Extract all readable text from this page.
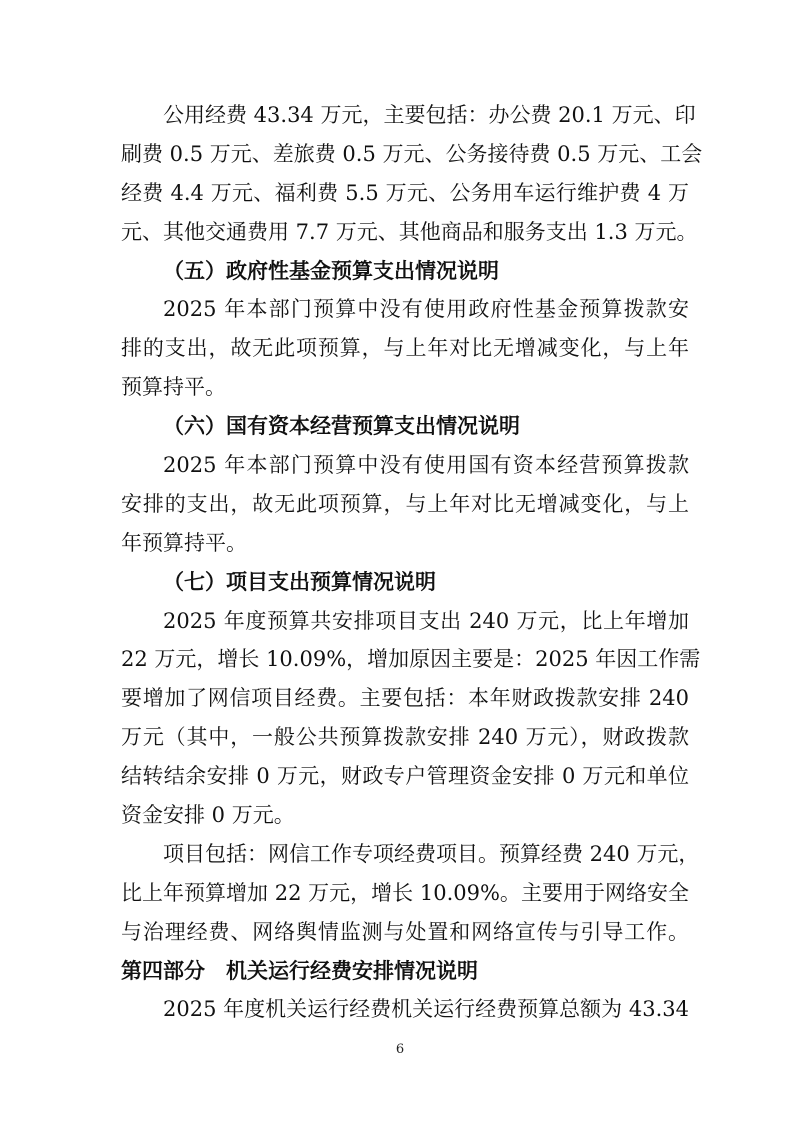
公用经费 43.34 万元，主要包括：办公费 20.1 万元、印
刷费 0.5 万元、差旅费 0.5 万元、公务接待费 0.5 万元、工会
经费 4.4 万元、福利费 5.5 万元、公务用车运行维护费 4 万
元、其他交通费用 7.7 万元、其他商品和服务支出 1.3 万元。
（五）政府性基金预算支出情况说明
2025 年本部门预算中没有使用政府性基金预算拨款安
排的支出，故无此项预算，与上年对比无增减变化，与上年
预算持平。
（六）国有资本经营预算支出情况说明
2025 年本部门预算中没有使用国有资本经营预算拨款
安排的支出，故无此项预算，与上年对比无增减变化，与上
年预算持平。
（七）项目支出预算情况说明
2025 年度预算共安排项目支出 240 万元，比上年增加
22 万元，增长 10.09%，增加原因主要是：2025 年因工作需
要增加了网信项目经费。主要包括：本年财政拨款安排 240
万元（其中，一般公共预算拨款安排 240 万元），财政拨款
结转结余安排 0 万元，财政专户管理资金安排 0 万元和单位
资金安排 0 万元。
项目包括：网信工作专项经费项目。预算经费 240 万元，
比上年预算增加 22 万元，增长 10.09%。主要用于网络安全
与治理经费、网络舆情监测与处置和网络宣传与引导工作。
第四部分　机关运行经费安排情况说明
2025 年度机关运行经费机关运行经费预算总额为 43.34
6
